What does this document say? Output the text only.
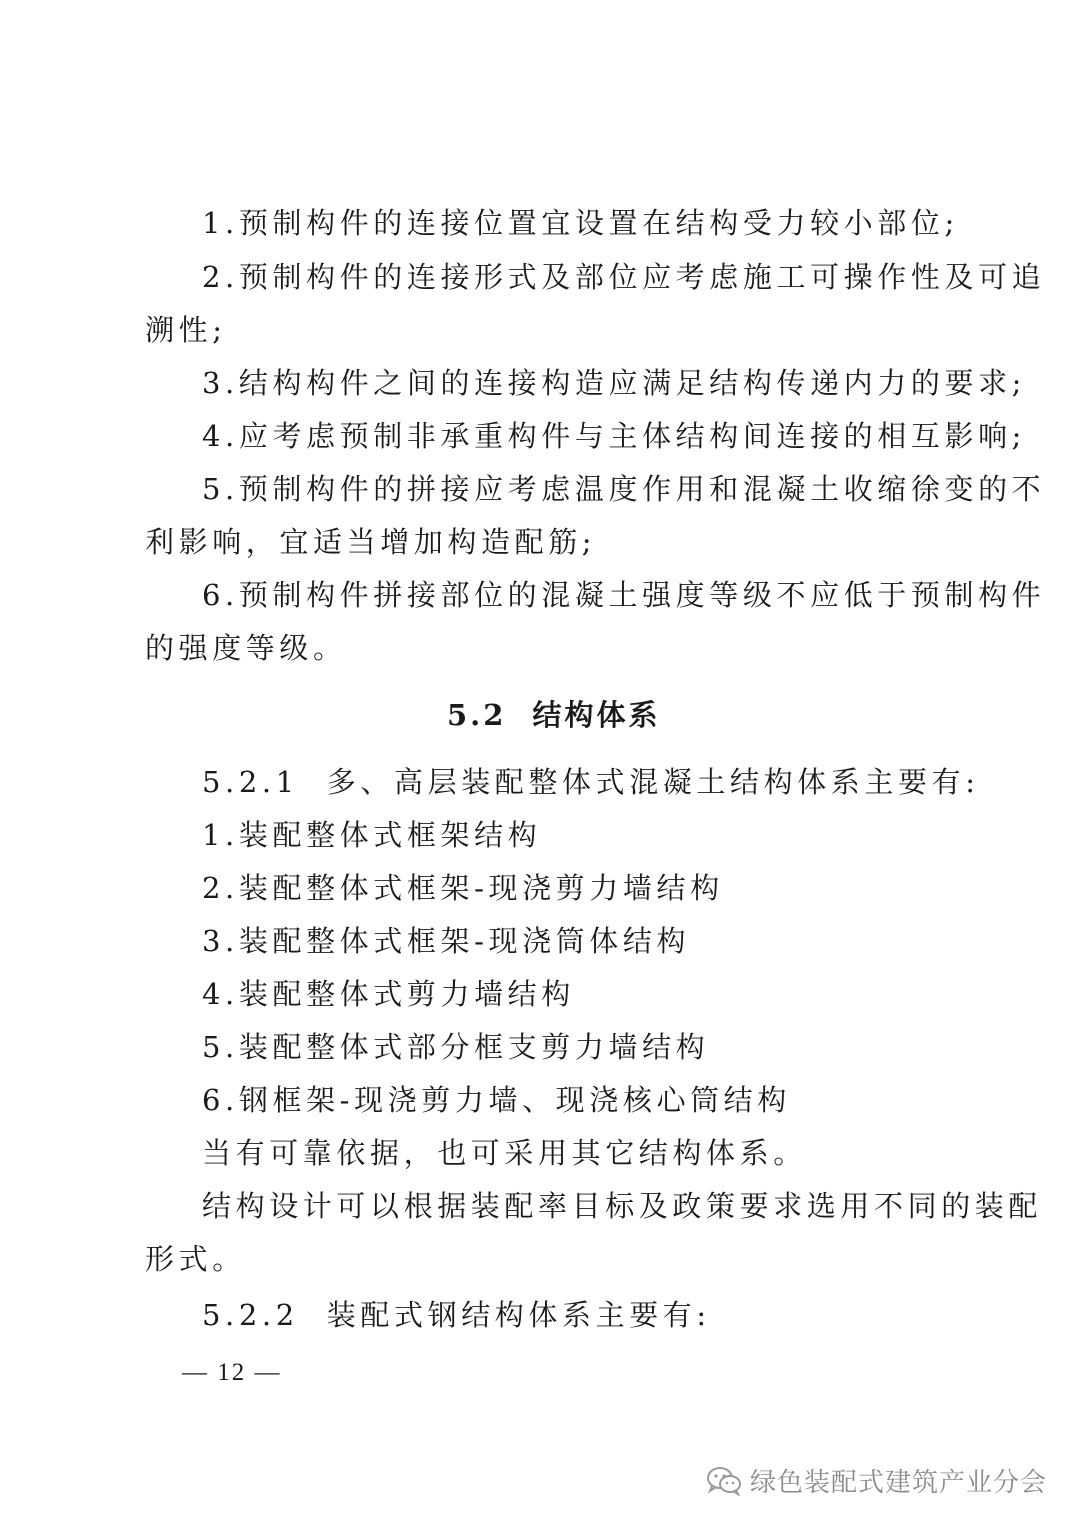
1.预制构件的连接位置宜设置在结构受力较小部位;
2.预制构件的连接形式及部位应考虑施工可操作性及可追
溯性;
3.结构构件之间的连接构造应满足结构传递内力的要求;
4.应考虑预制非承重构件与主体结构间连接的相互影响;
5.预制构件的拼接应考虑温度作用和混凝土收缩徐变的不
利影响，宜适当增加构造配筋;
6.预制构件拼接部位的混凝土强度等级不应低于预制构件
的强度等级。
5.2 结构体系
5.2.1 多、高层装配整体式混凝土结构体系主要有:
1.装配整体式框架结构
2.装配整体式框架-现浇剪力墙结构
3.装配整体式框架-现浇筒体结构
4.装配整体式剪力墙结构
5.装配整体式部分框支剪力墙结构
6.钢框架-现浇剪力墙、现浇核心筒结构
当有可靠依据，也可采用其它结构体系。
结构设计可以根据装配率目标及政策要求选用不同的装配
形式。
5.2.2 装配式钢结构体系主要有:
— 12 —
绿色装配式建筑产业分会
